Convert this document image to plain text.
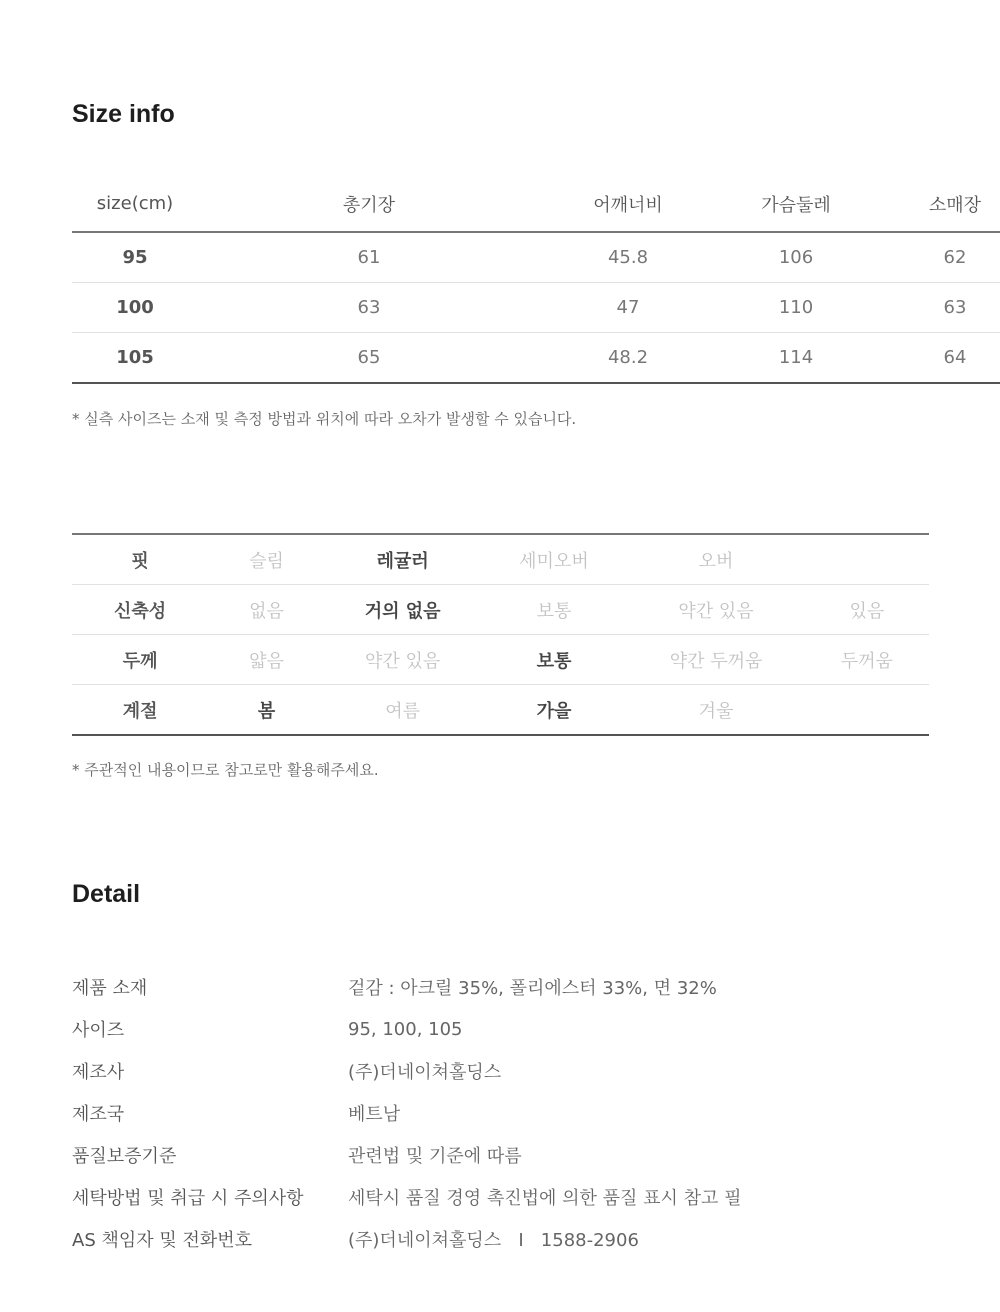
Size info
size(cm)	총기장	어깨너비	가슴둘레	소매장
95	61	45.8	106	62
100	63	47	110	63
105	65	48.2	114	64
* 실측 사이즈는 소재 및 측정 방법과 위치에 따라 오차가 발생할 수 있습니다.
핏	슬림	레귤러	세미오버	오버	
신축성	없음	거의 없음	보통	약간 있음	있음
두께	얇음	약간 있음	보통	약간 두꺼움	두꺼움
계절	봄	여름	가을	겨울	
* 주관적인 내용이므로 참고로만 활용해주세요.
Detail
제품 소재	겉감 : 아크릴 35%, 폴리에스터 33%, 면 32%
사이즈	95, 100, 105
제조사	(주)더네이쳐홀딩스
제조국	베트남
품질보증기준	관련법 및 기준에 따름
세탁방법 및 취급 시 주의사항	세탁시 품질 경영 촉진법에 의한 품질 표시 참고 필
AS 책임자 및 전화번호	(주)더네이쳐홀딩스   I   1588-2906
